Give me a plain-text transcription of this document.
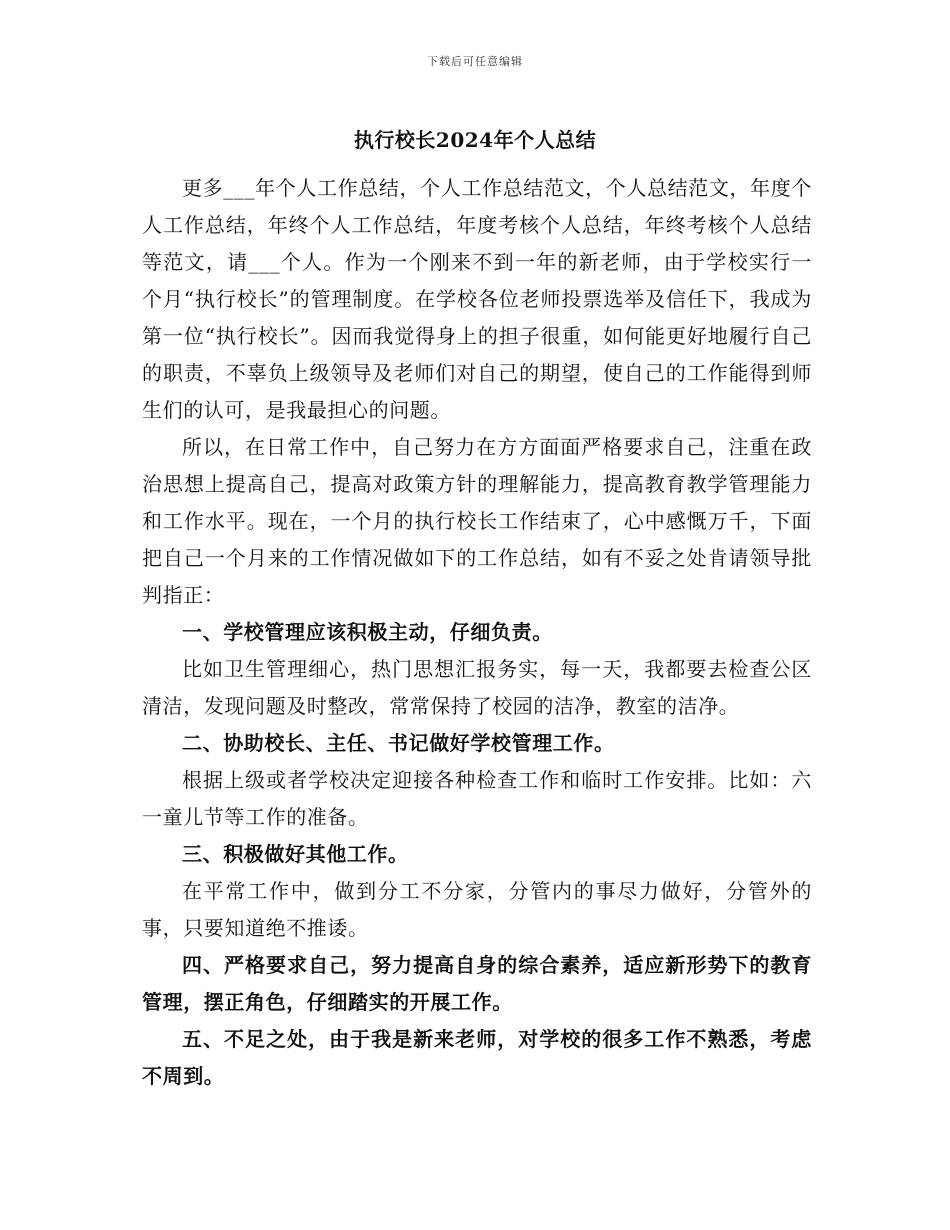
下载后可任意编辑
执行校长2024年个人总结

更多___年个人工作总结，个人工作总结范文，个人总结范文，年度个人工作总结，年终个人工作总结，年度考核个人总结，年终考核个人总结等范文，请___个人。作为一个刚来不到一年的新老师，由于学校实行一个月“执行校长”的管理制度。在学校各位老师投票选举及信任下，我成为第一位“执行校长”。因而我觉得身上的担子很重，如何能更好地履行自己的职责，不辜负上级领导及老师们对自己的期望，使自己的工作能得到师生们的认可，是我最担心的问题。

所以，在日常工作中，自己努力在方方面面严格要求自己，注重在政治思想上提高自己，提高对政策方针的理解能力，提高教育教学管理能力和工作水平。现在，一个月的执行校长工作结束了，心中感慨万千，下面把自己一个月来的工作情况做如下的工作总结，如有不妥之处肯请领导批判指正：

一、学校管理应该积极主动，仔细负责。

比如卫生管理细心，热门思想汇报务实，每一天，我都要去检查公区清洁，发现问题及时整改，常常保持了校园的洁净，教室的洁净。

二、协助校长、主任、书记做好学校管理工作。

根据上级或者学校决定迎接各种检查工作和临时工作安排。比如：六一童儿节等工作的准备。

三、积极做好其他工作。

在平常工作中，做到分工不分家，分管内的事尽力做好，分管外的事，只要知道绝不推诿。

四、严格要求自己，努力提高自身的综合素养，适应新形势下的教育管理，摆正角色，仔细踏实的开展工作。

五、不足之处，由于我是新来老师，对学校的很多工作不熟悉，考虑不周到。
